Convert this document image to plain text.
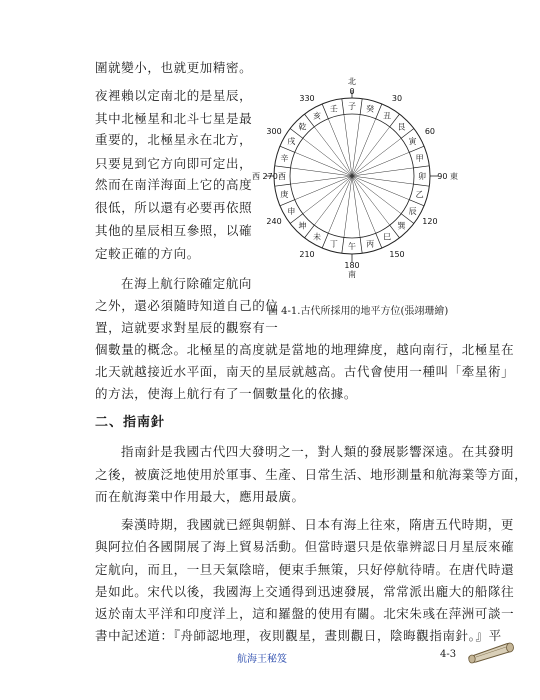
圍就變小，也就更加精密。
夜裡賴以定南北的是星辰，
其中北極星和北斗七星是最
重要的，北極星永在北方，
只要見到它方向即可定出，
然而在南洋海面上它的高度
很低，所以還有必要再依照
其他的星辰相互參照，以確
定較正確的方向。
在海上航行除確定航向
之外，還必須隨時知道自己的位
置，這就要求對星辰的觀察有一
子 癸
丑
艮
寅
甲
卯
乙
辰
巽
巳
丙
午
丁
未
坤
申
庚
酉
辛
戌
乾
亥
壬
北
0
180
南
西 270	90 東
30
60
120
150
210
240
300
330
圖 4-1.古代所採用的地平方位(張翊珊繪)
個數量的概念。北極星的高度就是當地的地理緯度，越向南行，北極星在
北天就越接近水平面，南天的星辰就越高。古代會使用一種叫「牽星術」
的方法，使海上航行有了一個數量化的依據。
二、指南針
指南針是我國古代四大發明之一，對人類的發展影響深遠。在其發明
之後，被廣泛地使用於軍事、生產、日常生活、地形測量和航海業等方面，
而在航海業中作用最大，應用最廣。
秦漢時期，我國就已經與朝鮮、日本有海上往來，隋唐五代時期，更
與阿拉伯各國開展了海上貿易活動。但當時還只是依靠辨認日月星辰來確
定航向，而且，一旦天氣陰暗，便束手無策，只好停航待晴。在唐代時還
是如此。宋代以後，我國海上交通得到迅速發展，常常派出龐大的船隊往
返於南太平洋和印度洋上，這和羅盤的使用有關。北宋朱彧在萍洲可談一
書中記述道：『舟師認地理，夜則觀星，晝則觀日，陰晦觀指南針。』平
航海王秘笈	4-3
